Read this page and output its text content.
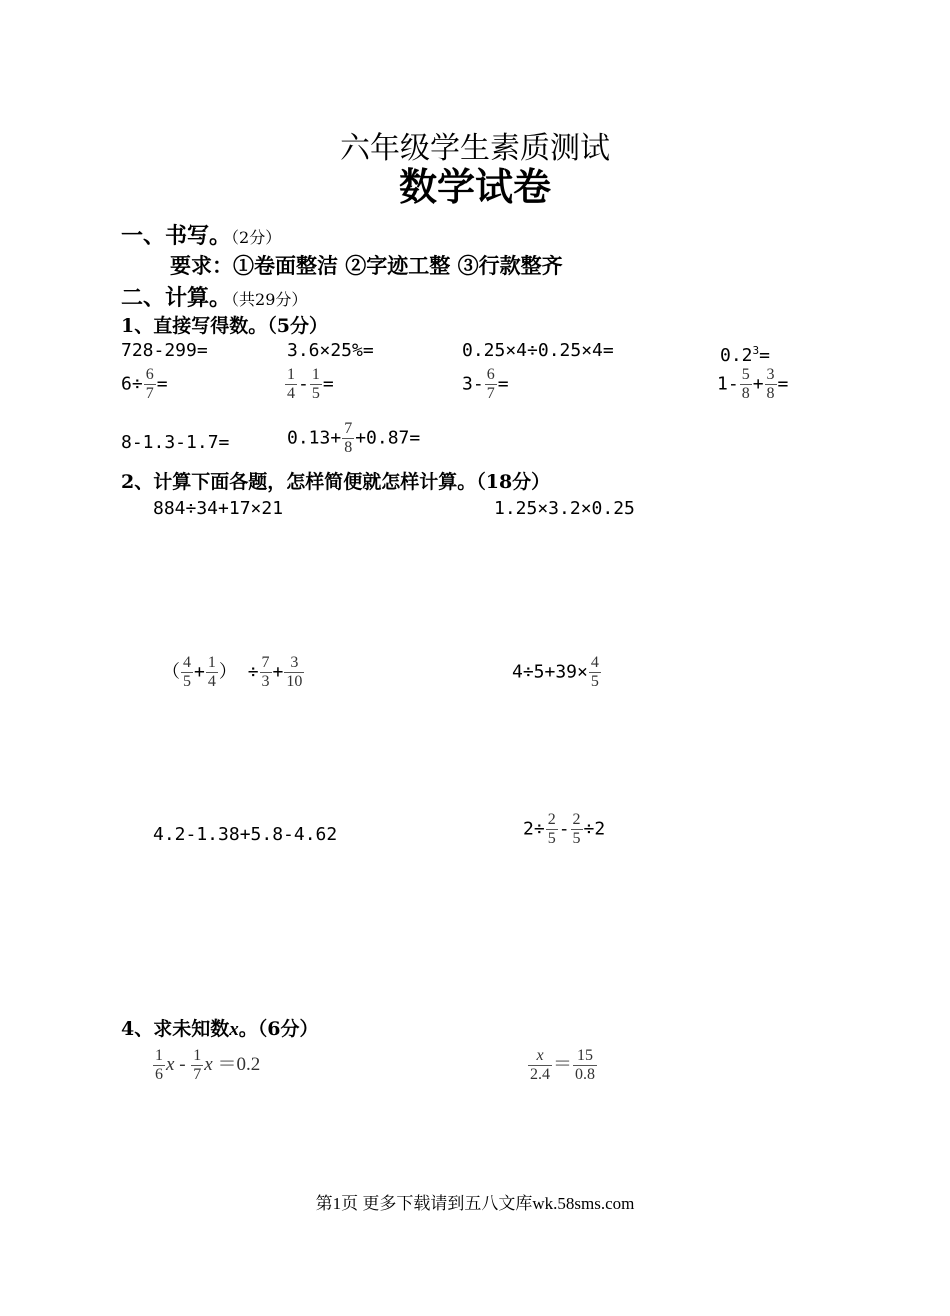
六年级学生素质测试
数学试卷
一、书写。（2分）
要求：①卷面整洁 ②字迹工整 ③行款整齐
二、计算。（共29分）
1、直接写得数。（5分）
728-299=	3.6×25%=	0.25×4÷0.25×4=	$0.2^3=$
$6\div \frac{6}{7}$ =	$\frac{1}{4} - \frac{1}{5}$ =	$3- \frac{6}{7}$ =	$1- \frac{5}{8} + \frac{3}{8}$ =
8-1.3-1.7=	$0.13+ \frac{7}{8} +0.87=$
2、计算下面各题，怎样简便就怎样计算。（18分）
884÷34+17×21	1.25×3.2×0.25
（ $\frac{4}{5} + \frac{1}{4}$ ） ÷ $\frac{7}{3} + \frac{3}{10}$	$4\div 5+39\times \frac{4}{5}$
4.2-1.38+5.8-4.62	$2\div \frac{2}{5} - \frac{2}{5} \div 2$
4、求未知数x。（6分）
$\frac{1}{6}$ x - $\frac{1}{7}$ x ＝0.2	$\frac{x}{2.4} = \frac{15}{0.8}$
第1页 更多下载请到五八文库wk.58sms.com
